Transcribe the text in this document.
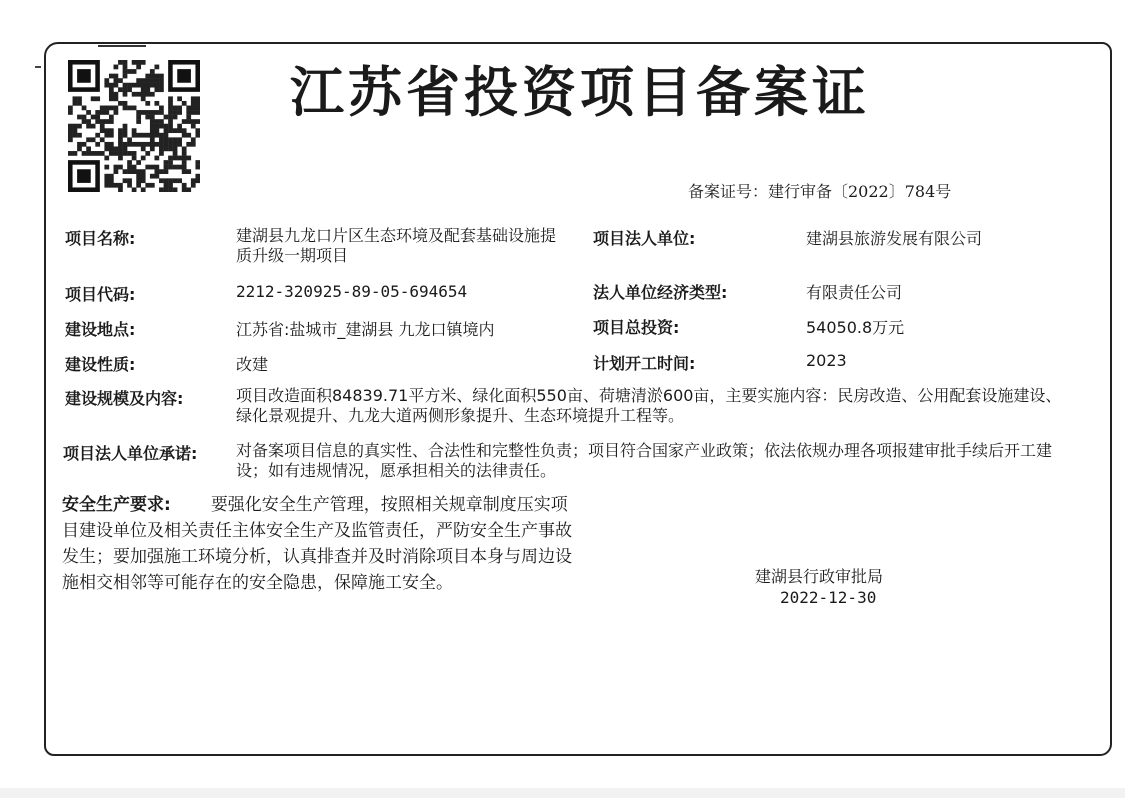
江苏省投资项目备案证
备案证号：建行审备〔2022〕784号
项目名称:	建湖县九龙口片区生态环境及配套基础设施提质升级一期项目
项目法人单位:	建湖县旅游发展有限公司
项目代码:	2212-320925-89-05-694654	法人单位经济类型:	有限责任公司
建设地点:	江苏省:盐城市_建湖县 九龙口镇境内	项目总投资:	54050.8万元
建设性质:	改建	计划开工时间:	2023
建设规模及内容:	项目改造面积84839.71平方米、绿化面积550亩、荷塘清淤600亩，主要实施内容：民房改造、公用配套设施建设、绿化景观提升、九龙大道两侧形象提升、生态环境提升工程等。
项目法人单位承诺: 对备案项目信息的真实性、合法性和完整性负责；项目符合国家产业政策；依法依规办理各项报建审批手续后开工建设；如有违规情况，愿承担相关的法律责任。
安全生产要求: 要强化安全生产管理，按照相关规章制度压实项目建设单位及相关责任主体安全生产及监管责任，严防安全生产事故发生；要加强施工环境分析，认真排查并及时消除项目本身与周边设施相交相邻等可能存在的安全隐患，保障施工安全。	建湖县行政审批局
2022-12-30
